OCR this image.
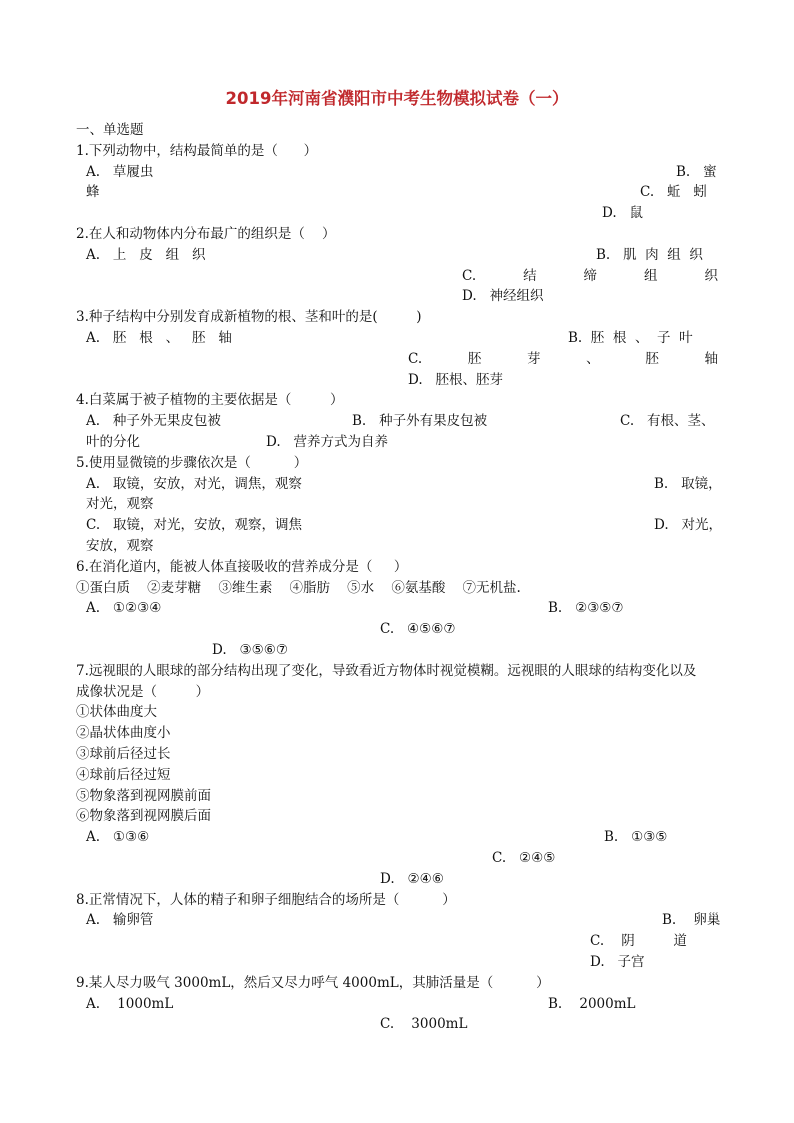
2019年河南省濮阳市中考生物模拟试卷（一）
一、单选题
1.下列动物中，结构最简单的是（      ）
A.   草履虫	B.   蜜
蜂	C.   蚯   蚓
D.   鼠
2.在人和动物体内分布最广的组织是（    ）
A.   上   皮   组   织	B.   肌  肉  组  织
C.	结	缔	组	织
D.   神经组织
3.种子结构中分别发育成新植物的根、茎和叶的是(         )
A.   胚   根   、   胚   轴	B.  胚  根  、  子  叶
C.	胚	芽	、	胚	轴
D.   胚根、胚芽
4.白菜属于被子植物的主要依据是（         ）
A.   种子外无果皮包被	B.   种子外有果皮包被	C.   有根、茎、
叶的分化	D.   营养方式为自养
5.使用显微镜的步骤依次是（          ）
A.   取镜，安放，对光，调焦，观察	B.   取镜，
对光，观察
C.   取镜，对光，安放，观察，调焦	D.   对光，
安放，观察
6.在消化道内，能被人体直接吸收的营养成分是（     ）
①蛋白质    ②麦芽糖    ③维生素    ④脂肪    ⑤水    ⑥氨基酸    ⑦无机盐.
A.   ①②③④	B.   ②③⑤⑦
C.   ④⑤⑥⑦
D.   ③⑤⑥⑦
7.远视眼的人眼球的部分结构出现了变化，导致看近方物体时视觉模糊。远视眼的人眼球的结构变化以及
成像状况是（         ）
①状体曲度大
②晶状体曲度小
③球前后径过长
④球前后径过短
⑤物象落到视网膜前面
⑥物象落到视网膜后面
A.   ①③⑥	B.   ①③⑤
C.   ②④⑤
D.   ②④⑥
8.正常情况下，人体的精子和卵子细胞结合的场所是（          ）
A.   输卵管	B.    卵巢
C.    阴         道
D.   子宫
9.某人尽力吸气 3000mL，然后又尽力呼气 4000mL，其肺活量是（          ）
A.    1000mL	B.    2000mL
C.    3000mL
